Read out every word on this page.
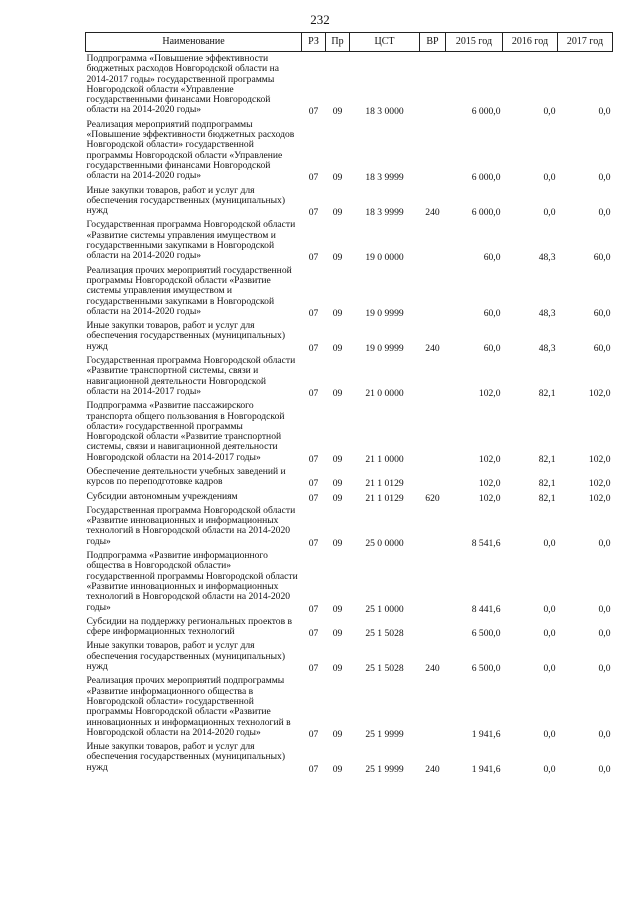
232
Наименование	РЗ	Пр	ЦСТ	ВР	2015 год	2016 год	2017 год
Подпрограмма «Повышение эффективности бюджетных расходов Новгородской области на 2014-2017 годы» государственной программы Новгородской области «Управление государственными финансами Новгородской области на 2014-2020 годы»	07	09	18 3 0000		6 000,0	0,0	0,0
Реализация мероприятий подпрограммы «Повышение эффективности бюджетных расходов Новгородской области» государственной программы Новгородской области «Управление государственными финансами Новгородской области на 2014-2020 годы»	07	09	18 3 9999		6 000,0	0,0	0,0
Иные закупки товаров, работ и услуг для обеспечения государственных (муниципальных) нужд	07	09	18 3 9999	240	6 000,0	0,0	0,0
Государственная программа Новгородской области «Развитие системы управления имуществом и государственными закупками в Новгородской области на 2014-2020 годы»	07	09	19 0 0000		60,0	48,3	60,0
Реализация прочих мероприятий государственной программы Новгородской области «Развитие системы управления имуществом и государственными закупками в Новгородской области на 2014-2020 годы»	07	09	19 0 9999		60,0	48,3	60,0
Иные закупки товаров, работ и услуг для обеспечения государственных (муниципальных) нужд	07	09	19 0 9999	240	60,0	48,3	60,0
Государственная программа Новгородской области «Развитие транспортной системы, связи и навигационной деятельности Новгородской области на 2014-2017 годы»	07	09	21 0 0000		102,0	82,1	102,0
Подпрограмма «Развитие пассажирского транспорта общего пользования в Новгородской области» государственной программы Новгородской области «Развитие транспортной системы, связи и навигационной деятельности Новгородской области на 2014-2017 годы»	07	09	21 1 0000		102,0	82,1	102,0
Обеспечение деятельности учебных заведений и курсов по переподготовке кадров	07	09	21 1 0129		102,0	82,1	102,0
Субсидии автономным учреждениям	07	09	21 1 0129	620	102,0	82,1	102,0
Государственная программа Новгородской области «Развитие инновационных и информационных технологий в Новгородской области на 2014-2020 годы»	07	09	25 0 0000		8 541,6	0,0	0,0
Подпрограмма «Развитие информационного общества в Новгородской области» государственной программы Новгородской области «Развитие инновационных и информационных технологий в Новгородской области на 2014-2020 годы»	07	09	25 1 0000		8 441,6	0,0	0,0
Субсидии на поддержку региональных проектов в сфере информационных технологий	07	09	25 1 5028		6 500,0	0,0	0,0
Иные закупки товаров, работ и услуг для обеспечения государственных (муниципальных) нужд	07	09	25 1 5028	240	6 500,0	0,0	0,0
Реализация прочих мероприятий подпрограммы «Развитие информационного общества в Новгородской области» государственной программы Новгородской области «Развитие инновационных и информационных технологий в Новгородской области на 2014-2020 годы»	07	09	25 1 9999		1 941,6	0,0	0,0
Иные закупки товаров, работ и услуг для обеспечения государственных (муниципальных) нужд	07	09	25 1 9999	240	1 941,6	0,0	0,0
